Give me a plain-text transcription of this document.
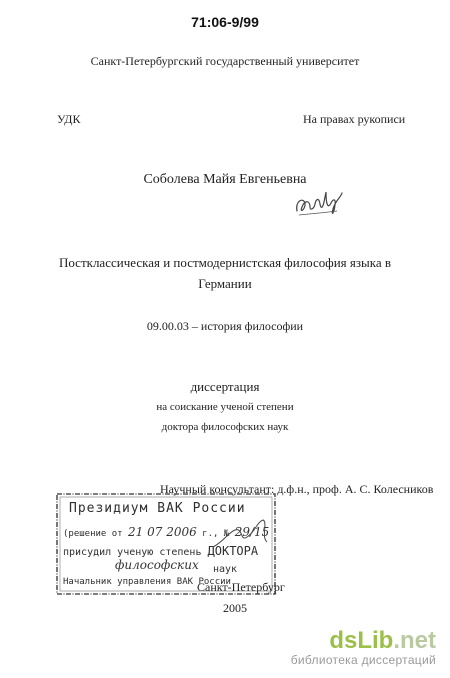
71:06-9/99
Санкт-Петербургский государственный университет
УДК	На правах рукописи
Соболева Майя Евгеньевна
Постклассическая и постмодернистская философия языка в
Германии
09.00.03 – история философии
диссертация
на соискание ученой степени
доктора философских наук
Научный консультант: д.ф.н., проф. А. С. Колесников
Президиум ВАК России
(решение от 21 07 2006 г., № 29/15
присудил ученую степень ДОКТОРА
философских наук
Начальник управления ВАК России
Санкт-Петербург
2005
dsLib.net
библиотека диссертаций
